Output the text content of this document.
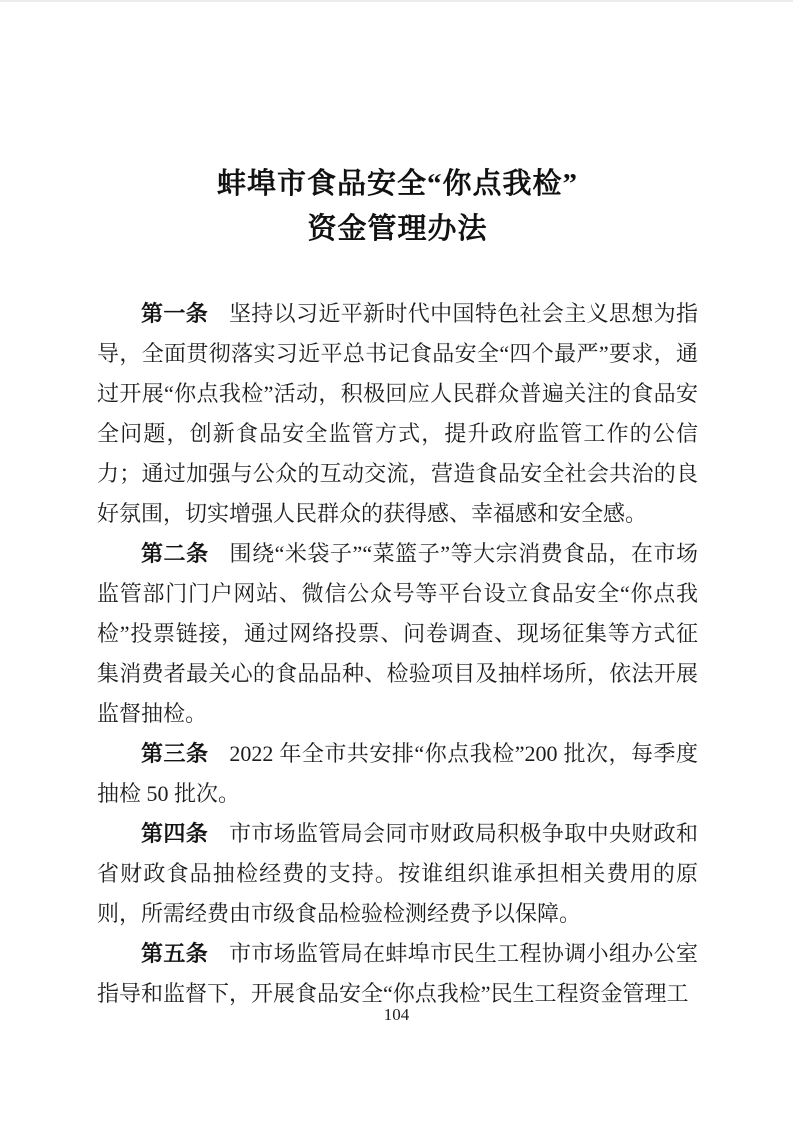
蚌埠市食品安全“你点我检”
资金管理办法

第一条 坚持以习近平新时代中国特色社会主义思想为指导，全面贯彻落实习近平总书记食品安全“四个最严”要求，通过开展“你点我检”活动，积极回应人民群众普遍关注的食品安全问题，创新食品安全监管方式，提升政府监管工作的公信力；通过加强与公众的互动交流，营造食品安全社会共治的良好氛围，切实增强人民群众的获得感、幸福感和安全感。

第二条 围绕“米袋子”“菜篮子”等大宗消费食品，在市场监管部门门户网站、微信公众号等平台设立食品安全“你点我检”投票链接，通过网络投票、问卷调查、现场征集等方式征集消费者最关心的食品品种、检验项目及抽样场所，依法开展监督抽检。

第三条 2022 年全市共安排“你点我检”200 批次，每季度抽检 50 批次。

第四条 市市场监管局会同市财政局积极争取中央财政和省财政食品抽检经费的支持。按谁组织谁承担相关费用的原则，所需经费由市级食品检验检测经费予以保障。

第五条 市市场监管局在蚌埠市民生工程协调小组办公室指导和监督下，开展食品安全“你点我检”民生工程资金管理工

104
